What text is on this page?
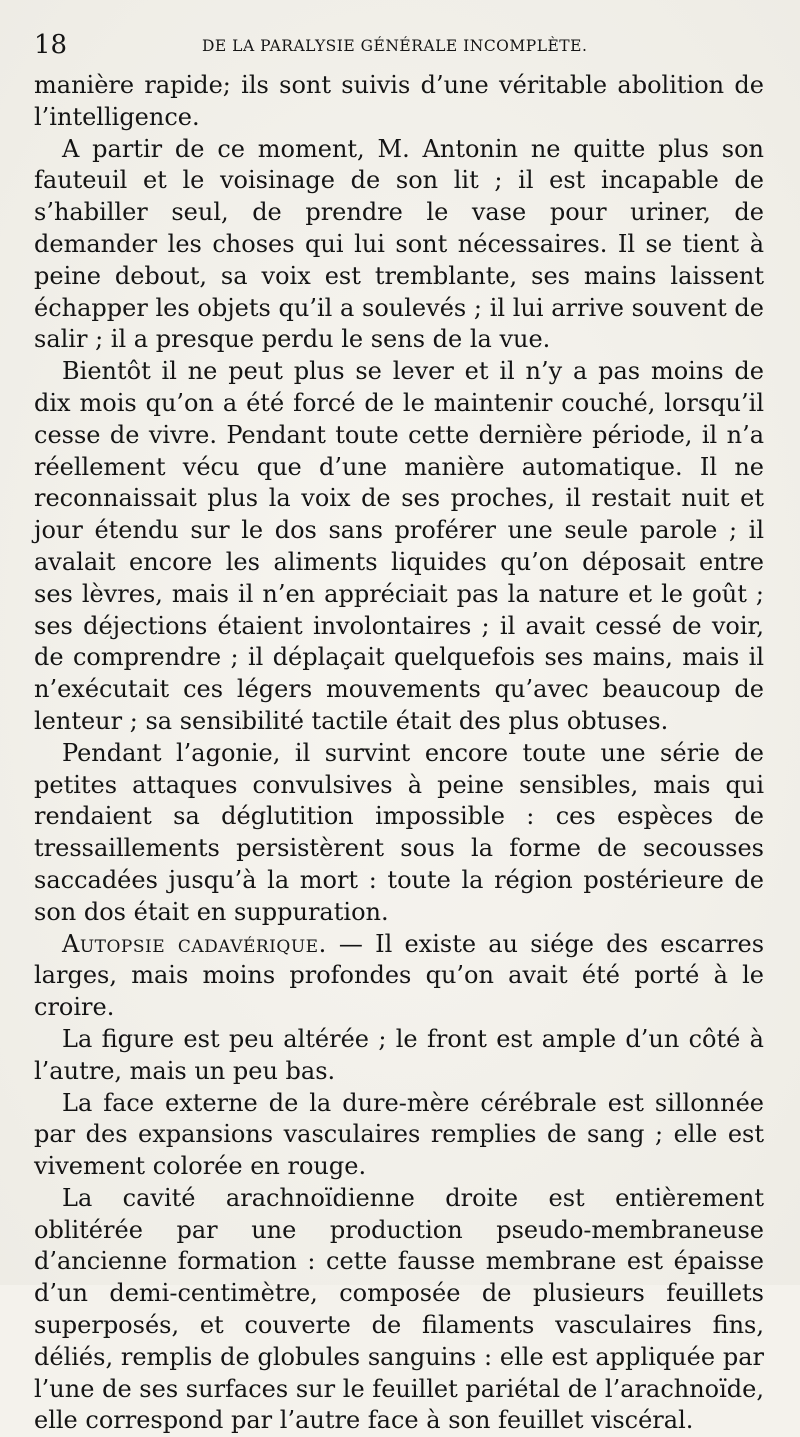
18	DE LA PARALYSIE GÉNÉRALE INCOMPLÈTE.

manière rapide; ils sont suivis d’une véritable abolition de l’intelligence.

A partir de ce moment, M. Antonin ne quitte plus son fauteuil et le voisinage de son lit ; il est incapable de s’habiller seul, de prendre le vase pour uriner, de demander les choses qui lui sont nécessaires. Il se tient à peine debout, sa voix est tremblante, ses mains laissent échapper les objets qu’il a soulevés ; il lui arrive souvent de salir ; il a presque perdu le sens de la vue.

Bientôt il ne peut plus se lever et il n’y a pas moins de dix mois qu’on a été forcé de le maintenir couché, lorsqu’il cesse de vivre. Pendant toute cette dernière période, il n’a réellement vécu que d’une manière automatique. Il ne reconnaissait plus la voix de ses proches, il restait nuit et jour étendu sur le dos sans proférer une seule parole ; il avalait encore les aliments liquides qu’on déposait entre ses lèvres, mais il n’en appréciait pas la nature et le goût ; ses déjections étaient involontaires ; il avait cessé de voir, de comprendre ; il déplaçait quelquefois ses mains, mais il n’exécutait ces légers mouvements qu’avec beaucoup de lenteur ; sa sensibilité tactile était des plus obtuses.

Pendant l’agonie, il survint encore toute une série de petites attaques convulsives à peine sensibles, mais qui rendaient sa déglutition impossible : ces espèces de tressaillements persistèrent sous la forme de secousses saccadées jusqu’à la mort : toute la région postérieure de son dos était en suppuration.

Autopsie cadavérique. — Il existe au siége des escarres larges, mais moins profondes qu’on avait été porté à le croire.

La figure est peu altérée ; le front est ample d’un côté à l’autre, mais un peu bas.

La face externe de la dure-mère cérébrale est sillonnée par des expansions vasculaires remplies de sang ; elle est vivement colorée en rouge.

La cavité arachnoïdienne droite est entièrement oblitérée par une production pseudo-membraneuse d’ancienne formation : cette fausse membrane est épaisse d’un demi-centimètre, composée de plusieurs feuillets superposés, et couverte de filaments vasculaires fins, déliés, remplis de globules sanguins : elle est appliquée par l’une de ses surfaces sur le feuillet pariétal de l’arachnoïde, elle correspond par l’autre face à son feuillet viscéral.
